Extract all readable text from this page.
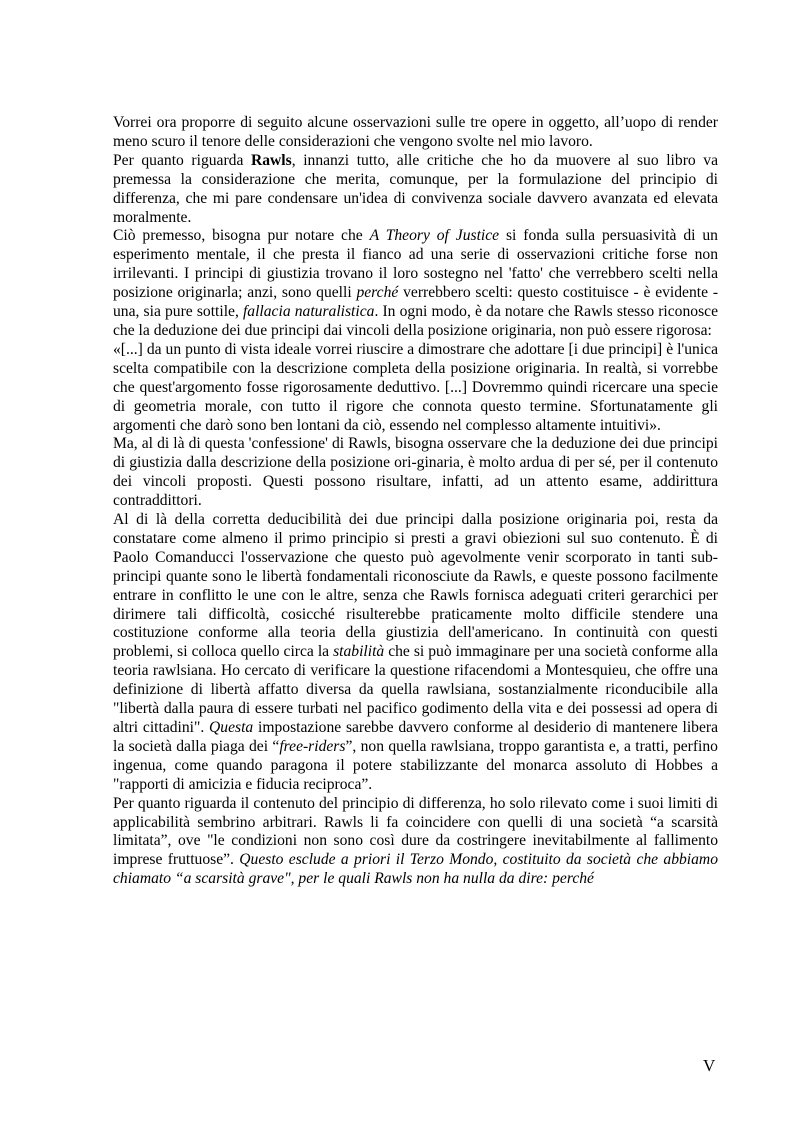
Vorrei ora proporre di seguito alcune osservazioni sulle tre opere in oggetto, all’uopo di render meno scuro il tenore delle considerazioni che vengono svolte nel mio lavoro.

Per quanto riguarda Rawls, innanzi tutto, alle critiche che ho da muovere al suo libro va premessa la considerazione che merita, comunque, per la formulazione del principio di differenza, che mi pare condensare un'idea di convivenza sociale davvero avanzata ed elevata moralmente.

Ciò premesso, bisogna pur notare che A Theory of Justice si fonda sulla persuasività di un esperimento mentale, il che presta il fianco ad una serie di osservazioni critiche forse non irrilevanti. I principi di giustizia trovano il loro sostegno nel 'fatto' che verrebbero scelti nella posizione originarla; anzi, sono quelli perché verrebbero scelti: questo costituisce - è evidente - una, sia pure sottile, fallacia naturalistica. In ogni modo, è da notare che Rawls stesso riconosce che la deduzione dei due principi dai vincoli della posizione originaria, non può essere rigorosa:

«[...] da un punto di vista ideale vorrei riuscire a dimostrare che adottare [i due principi] è l'unica scelta compatibile con la descrizione completa della posizione originaria. In realtà, si vorrebbe che quest'argomento fosse rigorosamente deduttivo. [...] Dovremmo quindi ricercare una specie di geometria morale, con tutto il rigore che connota questo termine. Sfortunatamente gli argomenti che darò sono ben lontani da ciò, essendo nel complesso altamente intuitivi».

Ma, al di là di questa 'confessione' di Rawls, bisogna osservare che la deduzione dei due principi di giustizia dalla descrizione della posizione ori-ginaria, è molto ardua di per sé, per il contenuto dei vincoli proposti. Questi possono risultare, infatti, ad un attento esame, addirittura contraddittori.

Al di là della corretta deducibilità dei due principi dalla posizione originaria poi, resta da constatare come almeno il primo principio si presti a gravi obiezioni sul suo contenuto. È di Paolo Comanducci l'osservazione che questo può agevolmente venir scorporato in tanti sub-principi quante sono le libertà fondamentali riconosciute da Rawls, e queste possono facilmente entrare in conflitto le une con le altre, senza che Rawls fornisca adeguati criteri gerarchici per dirimere tali difficoltà, cosicché risulterebbe praticamente molto difficile stendere una costituzione conforme alla teoria della giustizia dell'americano. In continuità con questi problemi, si colloca quello circa la stabilità che si può immaginare per una società conforme alla teoria rawlsiana. Ho cercato di verificare la questione rifacendomi a Montesquieu, che offre una definizione di libertà affatto diversa da quella rawlsiana, sostanzialmente riconducibile alla "libertà dalla paura di essere turbati nel pacifico godimento della vita e dei possessi ad opera di altri cittadini". Questa impostazione sarebbe davvero conforme al desiderio di mantenere libera la società dalla piaga dei “free-riders”, non quella rawlsiana, troppo garantista e, a tratti, perfino ingenua, come quando paragona il potere stabilizzante del monarca assoluto di Hobbes a "rapporti di amicizia e fiducia reciproca”.

Per quanto riguarda il contenuto del principio di differenza, ho solo rilevato come i suoi limiti di applicabilità sembrino arbitrari. Rawls li fa coincidere con quelli di una società “a scarsità limitata”, ove "le condizioni non sono così dure da costringere inevitabilmente al fallimento imprese fruttuose”. Questo esclude a priori il Terzo Mondo, costituito da società che abbiamo chiamato “a scarsità grave", per le quali Rawls non ha nulla da dire: perché

V
